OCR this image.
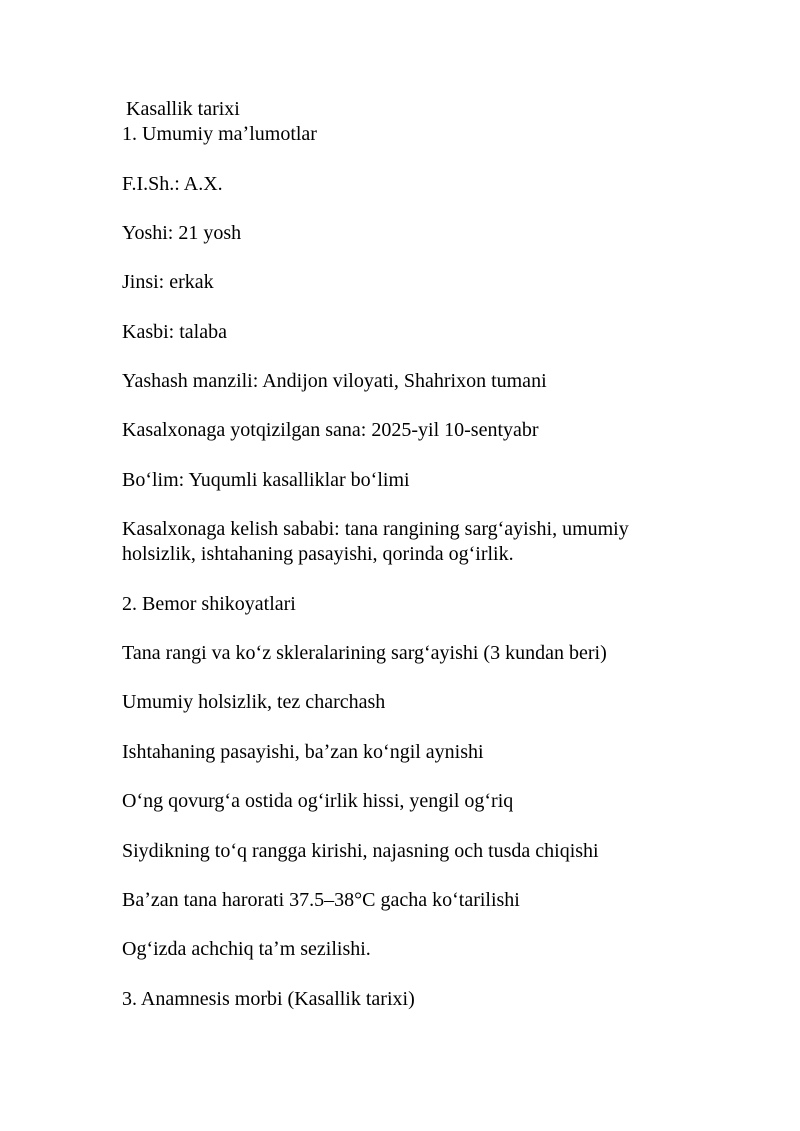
Kasallik tarixi

1. Umumiy maʼlumotlar

F.I.Sh.: A.X.

Yoshi: 21 yosh

Jinsi: erkak

Kasbi: talaba

Yashash manzili: Andijon viloyati, Shahrixon tumani

Kasalxonaga yotqizilgan sana: 2025-yil 10-sentyabr

Boʻlim: Yuqumli kasalliklar boʻlimi

Kasalxonaga kelish sababi: tana rangining sargʻayishi, umumiy

holsizlik, ishtahaning pasayishi, qorinda ogʻirlik.

2. Bemor shikoyatlari

Tana rangi va koʻz skleralarining sargʻayishi (3 kundan beri)

Umumiy holsizlik, tez charchash

Ishtahaning pasayishi, baʼzan koʻngil aynishi

Oʻng qovurgʻa ostida ogʻirlik hissi, yengil ogʻriq

Siydikning toʻq rangga kirishi, najasning och tusda chiqishi

Baʼzan tana harorati 37.5–38°C gacha koʻtarilishi

Ogʻizda achchiq taʼm sezilishi.

3. Anamnesis morbi (Kasallik tarixi)
